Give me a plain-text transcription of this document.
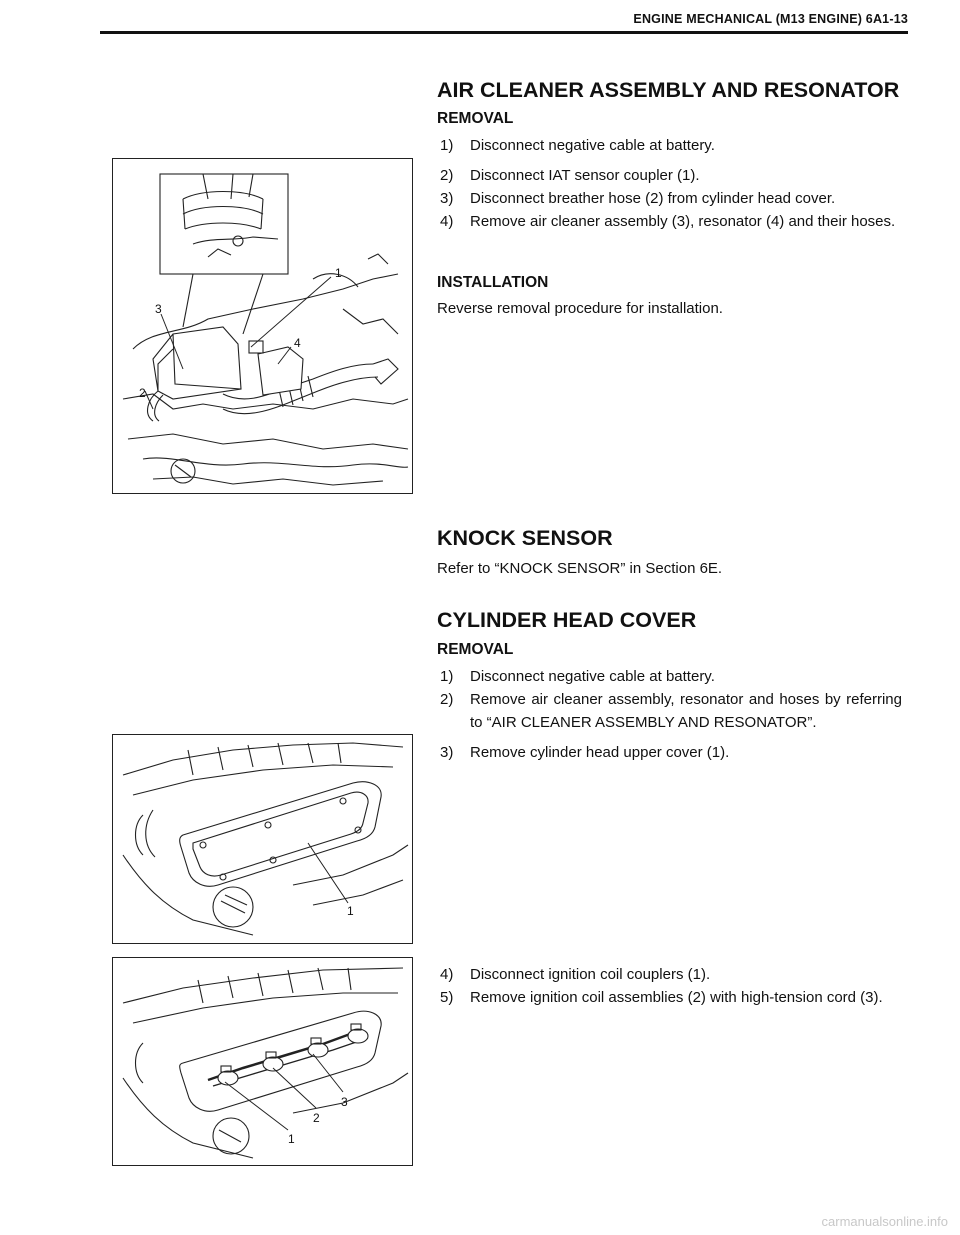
ENGINE MECHANICAL (M13 ENGINE) 6A1-13
AIR CLEANER ASSEMBLY AND RESONATOR
REMOVAL
1) Disconnect negative cable at battery.
2) Disconnect IAT sensor coupler (1).
3) Disconnect breather hose (2) from cylinder head cover.
4) Remove air cleaner assembly (3), resonator (4) and their hoses.
INSTALLATION
Reverse removal procedure for installation.
1
2
3
4
KNOCK SENSOR
Refer to “KNOCK SENSOR” in Section 6E.
CYLINDER HEAD COVER
REMOVAL
1) Disconnect negative cable at battery.
2) Remove air cleaner assembly, resonator and hoses by referring to “AIR CLEANER ASSEMBLY AND RESONATOR”.
3) Remove cylinder head upper cover (1).
1
4) Disconnect ignition coil couplers (1).
5) Remove ignition coil assemblies (2) with high-tension cord (3).
1
2
3
carmanualsonline.info
